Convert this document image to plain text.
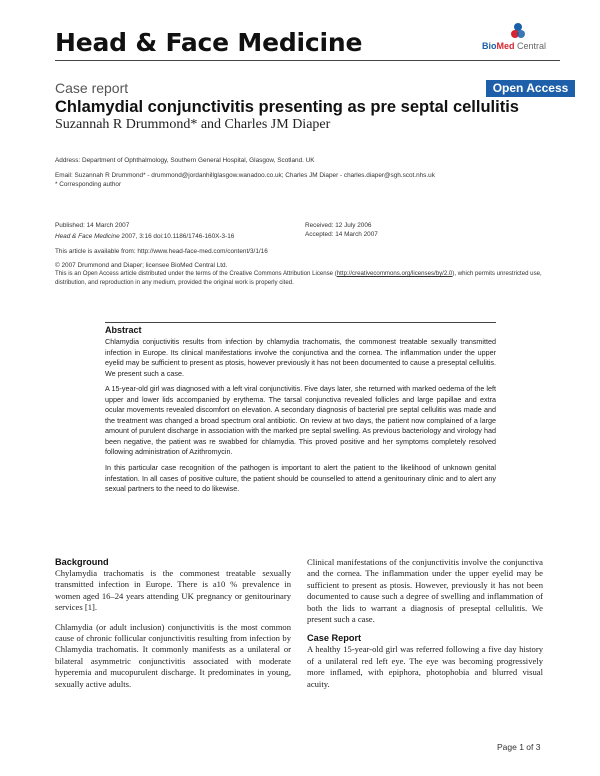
Head & Face Medicine	BioMed Central
Case report	Open Access
Chlamydial conjunctivitis presenting as pre septal cellulitis
Suzannah R Drummond* and Charles JM Diaper
Address: Department of Ophthalmology, Southern General Hospital, Glasgow, Scotland. UK
Email: Suzannah R Drummond* - drummond@jordanhillglasgow.wanadoo.co.uk; Charles JM Diaper - charles.diaper@sgh.scot.nhs.uk
* Corresponding author
Published: 14 March 2007
Head & Face Medicine 2007, 3:16 doi:10.1186/1746-160X-3-16
Received: 12 July 2006
Accepted: 14 March 2007
This article is available from: http://www.head-face-med.com/content/3/1/16
© 2007 Drummond and Diaper; licensee BioMed Central Ltd.
This is an Open Access article distributed under the terms of the Creative Commons Attribution License (http://creativecommons.org/licenses/by/2.0), which permits unrestricted use, distribution, and reproduction in any medium, provided the original work is properly cited.
Abstract

Chlamydia conjuctivitis results from infection by chlamydia trachomatis, the commonest treatable sexually transmitted infection in Europe. Its clinical manifestations involve the conjunctiva and the cornea. The inflammation under the upper eyelid may be sufficient to present as ptosis, however previously it has not been documented to cause a preseptal cellulitis. We present such a case.

A 15-year-old girl was diagnosed with a left viral conjunctivitis. Five days later, she returned with marked oedema of the left upper and lower lids accompanied by erythema. The tarsal conjunctiva revealed follicles and large papillae and extra ocular movements revealed discomfort on elevation. A secondary diagnosis of bacterial pre septal cellulitis was made and the treatment was changed a broad spectrum oral antibiotic. On review at two days, the patient now complained of a large amount of purulent discharge in association with the marked pre septal swelling. As previous bacteriology and virology had been negative, the patient was re swabbed for chlamydia. This proved positive and her symptoms completely resolved following administration of Azithromycin.

In this particular case recognition of the pathogen is important to alert the patient to the likelihood of unknown genital infestation. In all cases of positive culture, the patient should be counselled to attend a genitourinary clinic and to alert any sexual partners to the need to do likewise.

Background

Chylamydia trachomatis is the commonest treatable sexually transmitted infection in Europe. There is a10 % prevalence in women aged 16–24 years attending UK pregnancy or genitourinary services [1].

Chlamydia (or adult inclusion) conjunctivitis is the most common cause of chronic follicular conjunctivitis resulting from infection by Chlamydia trachomatis. It commonly manifests as a unilateral or bilateral asymmetric conjunctivitis associated with moderate hyperemia and mucopurulent discharge. It predominates in young, sexually active adults.

Clinical manifestations of the conjunctivitis involve the conjunctiva and the cornea. The inflammation under the upper eyelid may be sufficient to present as ptosis. However, previously it has not been documented to cause such a degree of swelling and inflammation of both the lids to warrant a diagnosis of preseptal cellulitis. We present such a case.

Case Report

A healthy 15-year-old girl was referred following a five day history of a unilateral red left eye. The eye was becoming progressively more inflamed, with epiphora, photophobia and blurred visual acuity.

Page 1 of 3
